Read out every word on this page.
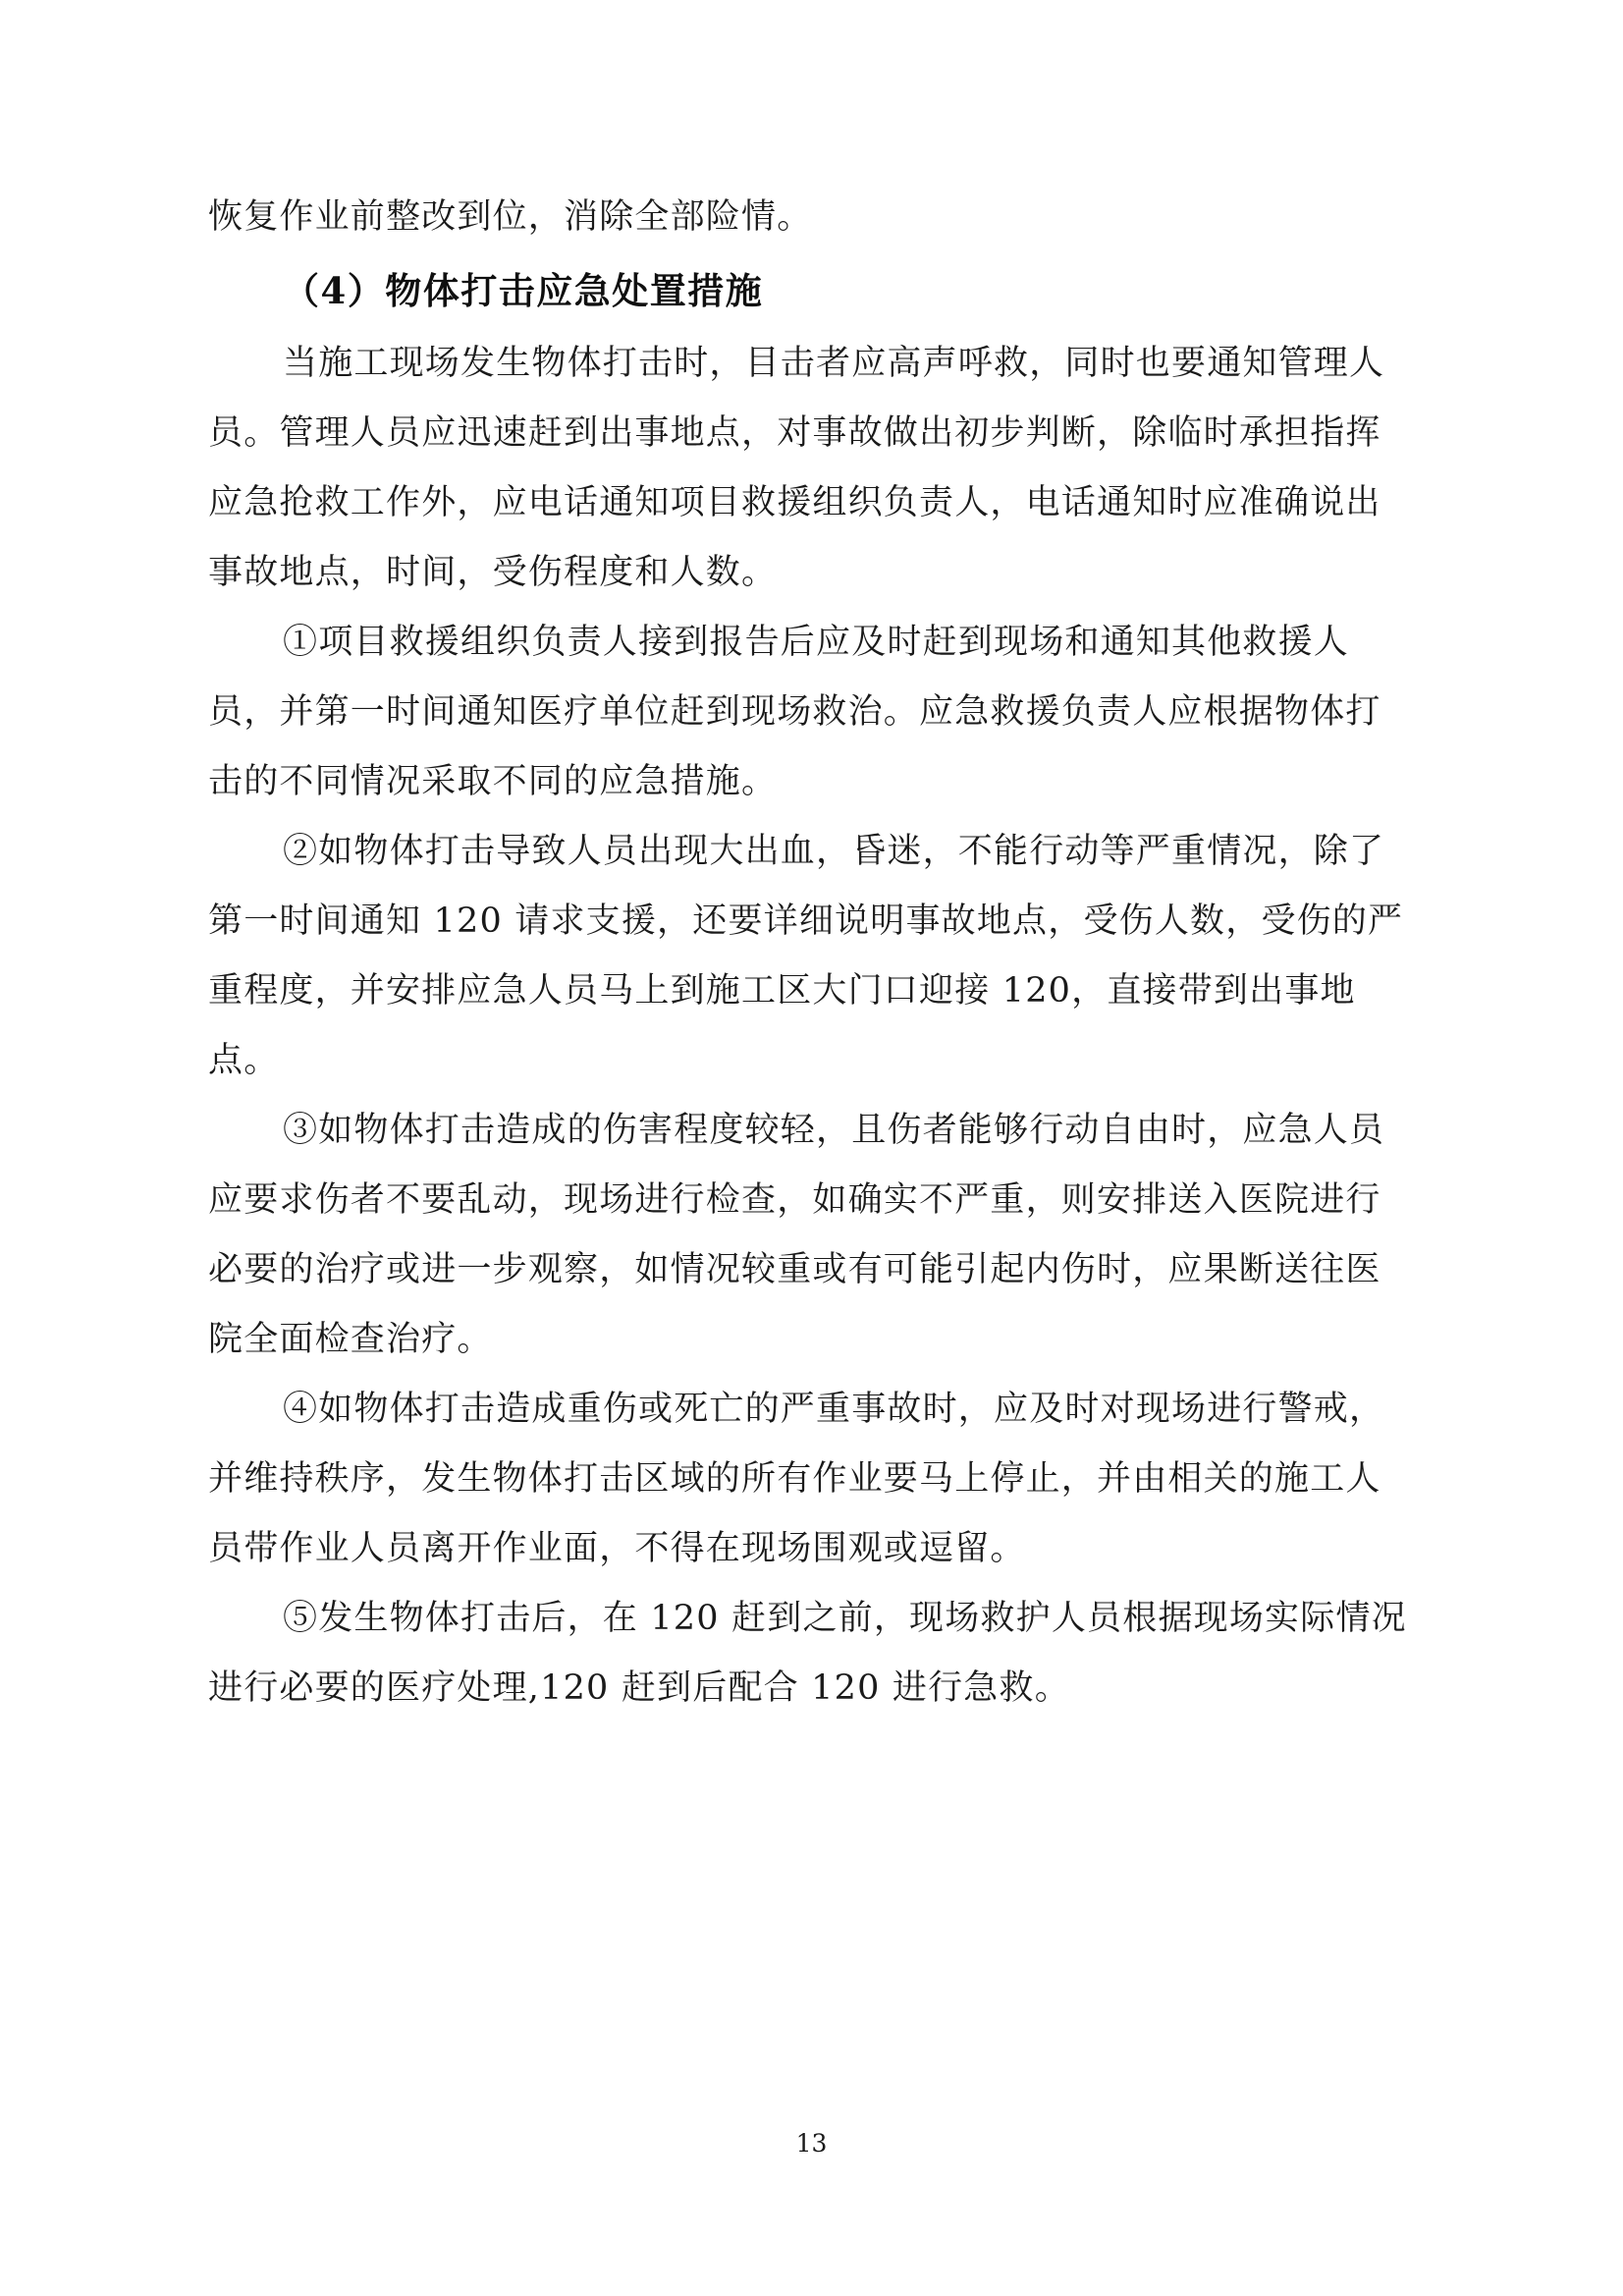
恢复作业前整改到位，消除全部险情。
（4）物体打击应急处置措施
当施工现场发生物体打击时，目击者应高声呼救，同时也要通知管理人员。管理人员应迅速赶到出事地点，对事故做出初步判断，除临时承担指挥应急抢救工作外，应电话通知项目救援组织负责人，电话通知时应准确说出事故地点，时间，受伤程度和人数。
①项目救援组织负责人接到报告后应及时赶到现场和通知其他救援人员，并第一时间通知医疗单位赶到现场救治。应急救援负责人应根据物体打击的不同情况采取不同的应急措施。
②如物体打击导致人员出现大出血，昏迷，不能行动等严重情况，除了第一时间通知 120 请求支援，还要详细说明事故地点，受伤人数，受伤的严重程度，并安排应急人员马上到施工区大门口迎接 120，直接带到出事地点。
③如物体打击造成的伤害程度较轻，且伤者能够行动自由时，应急人员应要求伤者不要乱动，现场进行检查，如确实不严重，则安排送入医院进行必要的治疗或进一步观察，如情况较重或有可能引起内伤时，应果断送往医院全面检查治疗。
④如物体打击造成重伤或死亡的严重事故时，应及时对现场进行警戒，并维持秩序，发生物体打击区域的所有作业要马上停止，并由相关的施工人员带作业人员离开作业面，不得在现场围观或逗留。
⑤发生物体打击后，在 120 赶到之前，现场救护人员根据现场实际情况进行必要的医疗处理,120 赶到后配合 120 进行急救。
13
